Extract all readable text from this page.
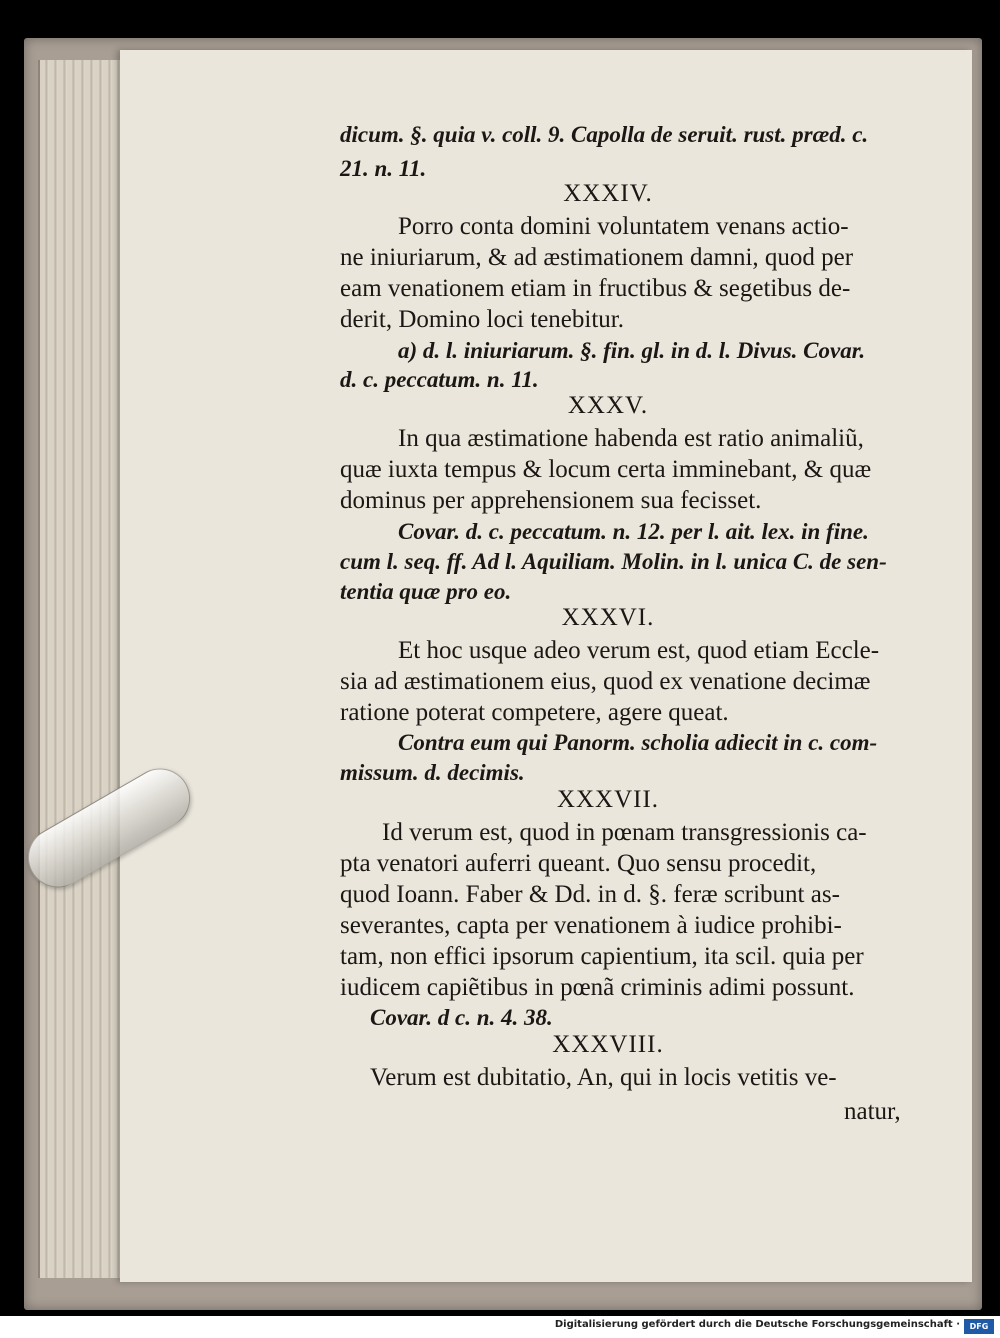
dicum. §. quia v. coll. 9. Capolla de seruit. rust. præd. c.

21. n. 11.

XXXIV.

Porro conta domini voluntatem venans actio-

ne iniuriarum, & ad æstimationem damni, quod per

eam venationem etiam in fructibus & segetibus de-

derit, Domino loci tenebitur.

a) d. l. iniuriarum. §. fin. gl. in d. l. Divus. Covar.

d. c. peccatum. n. 11.

XXXV.

In qua æstimatione habenda est ratio animaliũ,

quæ iuxta tempus & locum certa imminebant, & quæ

dominus per apprehensionem sua fecisset.

Covar. d. c. peccatum. n. 12. per l. ait. lex. in fine.

cum l. seq. ff. Ad l. Aquiliam. Molin. in l. unica C. de sen-

tentia quæ pro eo.

XXXVI.

Et hoc usque adeo verum est, quod etiam Eccle-

sia ad æstimationem eius, quod ex venatione decimæ

ratione poterat competere, agere queat.

Contra eum qui Panorm. scholia adiecit in c. com-

missum. d. decimis.

XXXVII.

Id verum est, quod in pœnam transgressionis ca-

pta venatori auferri queant. Quo sensu procedit,

quod Ioann. Faber & Dd. in d. §. feræ scribunt as-

severantes, capta per venationem à iudice prohibi-

tam, non effici ipsorum capientium, ita scil. quia per

iudicem capiẽtibus in pœnã criminis adimi possunt.

Covar. d c. n. 4. 38.

XXXVIII.

Verum est dubitatio, An, qui in locis vetitis ve-

natur,

Digitalisierung gefördert durch die Deutsche Forschungsgemeinschaft ·	DFG
